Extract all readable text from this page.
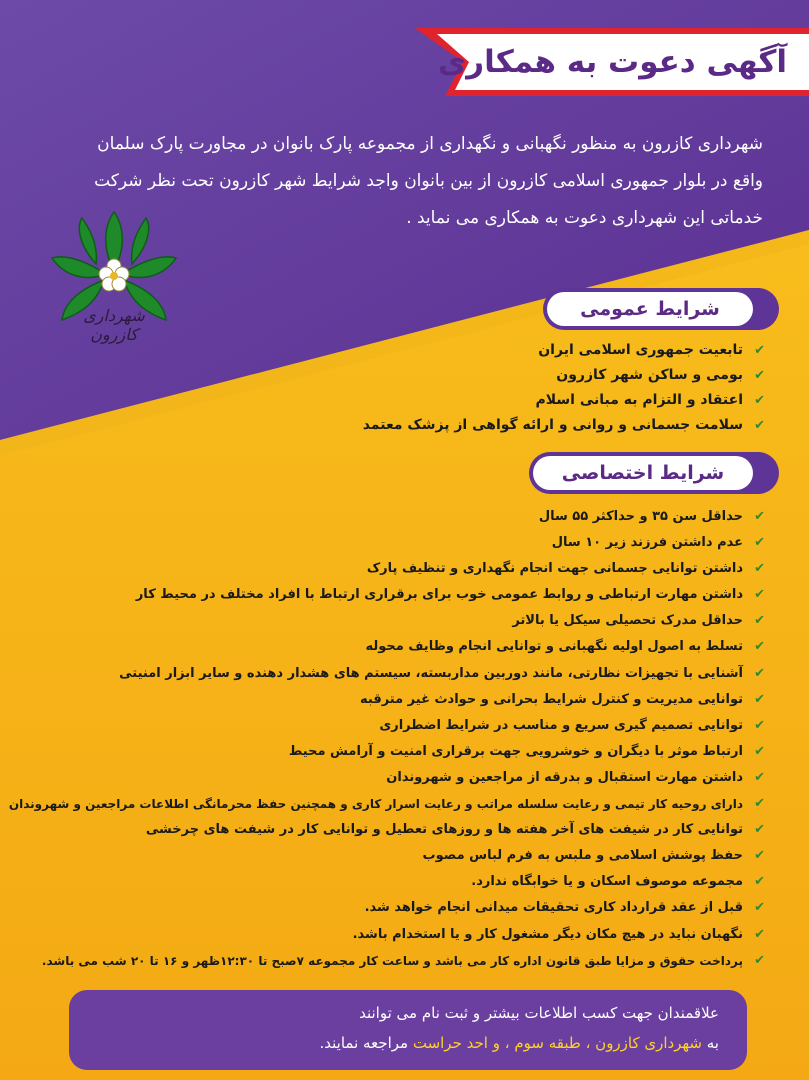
آگهی دعوت به همکاری

شهرداری کازرون به منظور نگهبانی و نگهداری از مجموعه پارک بانوان در مجاورت پارک سلمان

واقع در بلوار جمهوری اسلامی کازرون از بین بانوان واجد شرایط شهر کازرون تحت نظر شرکت

خدماتی این شهرداری دعوت به همکاری می نماید .

شهرداری کازرون
شرایط عمومی
✔
تابعیت جمهوری اسلامی ایران
✔
بومی و ساکن شهر کازرون
✔
اعتقاد و التزام به مبانی اسلام
✔
سلامت جسمانی و روانی و ارائه گواهی از پزشک معتمد
شرایط اختصاصی
✔
حداقل سن ۳۵ و حداکثر ۵۵ سال
✔
عدم داشتن فرزند زیر ۱۰ سال
✔
داشتن توانایی جسمانی جهت انجام نگهداری و تنظیف پارک
✔
داشتن مهارت ارتباطی و روابط عمومی خوب برای برقراری ارتباط با افراد مختلف در محیط کار
✔
حداقل مدرک تحصیلی سیکل یا بالاتر
✔
تسلط به اصول اولیه نگهبانی و توانایی انجام وظایف محوله
✔
آشنایی با تجهیزات نظارتی، مانند دوربین مداربسته، سیستم های هشدار دهنده و سایر ابزار امنیتی
✔
توانایی مدیریت و کنترل شرایط بحرانی و حوادث غیر مترقبه
✔
توانایی تصمیم گیری سریع و مناسب در شرایط اضطراری
✔
ارتباط موثر با دیگران و خوشرویی جهت برقراری امنیت و آرامش محیط
✔
داشتن مهارت استقبال و بدرقه از مراجعین و شهروندان
✔
دارای روحیه کار تیمی و رعایت سلسله مراتب و رعایت اسرار کاری و همچنین حفظ محرمانگی اطلاعات مراجعین و شهروندان
✔
توانایی کار در شیفت های آخر هفته ها و روزهای تعطیل و توانایی کار در شیفت های چرخشی
✔
حفظ پوشش اسلامی و ملبس به فرم لباس مصوب
✔
مجموعه موصوف اسکان و یا خوابگاه ندارد.
✔
قبل از عقد قرارداد کاری تحقیقات میدانی انجام خواهد شد.
✔
نگهبان نباید در هیچ مکان دیگر مشغول کار و یا استخدام باشد.
✔
پرداخت حقوق و مزایا طبق قانون اداره کار می باشد و ساعت کار مجموعه ۷صبح تا ۱۲:۳۰ظهر و ۱۶ تا ۲۰ شب می باشد.
علاقمندان جهت کسب اطلاعات بیشتر و ثبت نام می توانند
به شهرداری کازرون ، طبقه سوم ، و احد حراست مراجعه نمایند.
